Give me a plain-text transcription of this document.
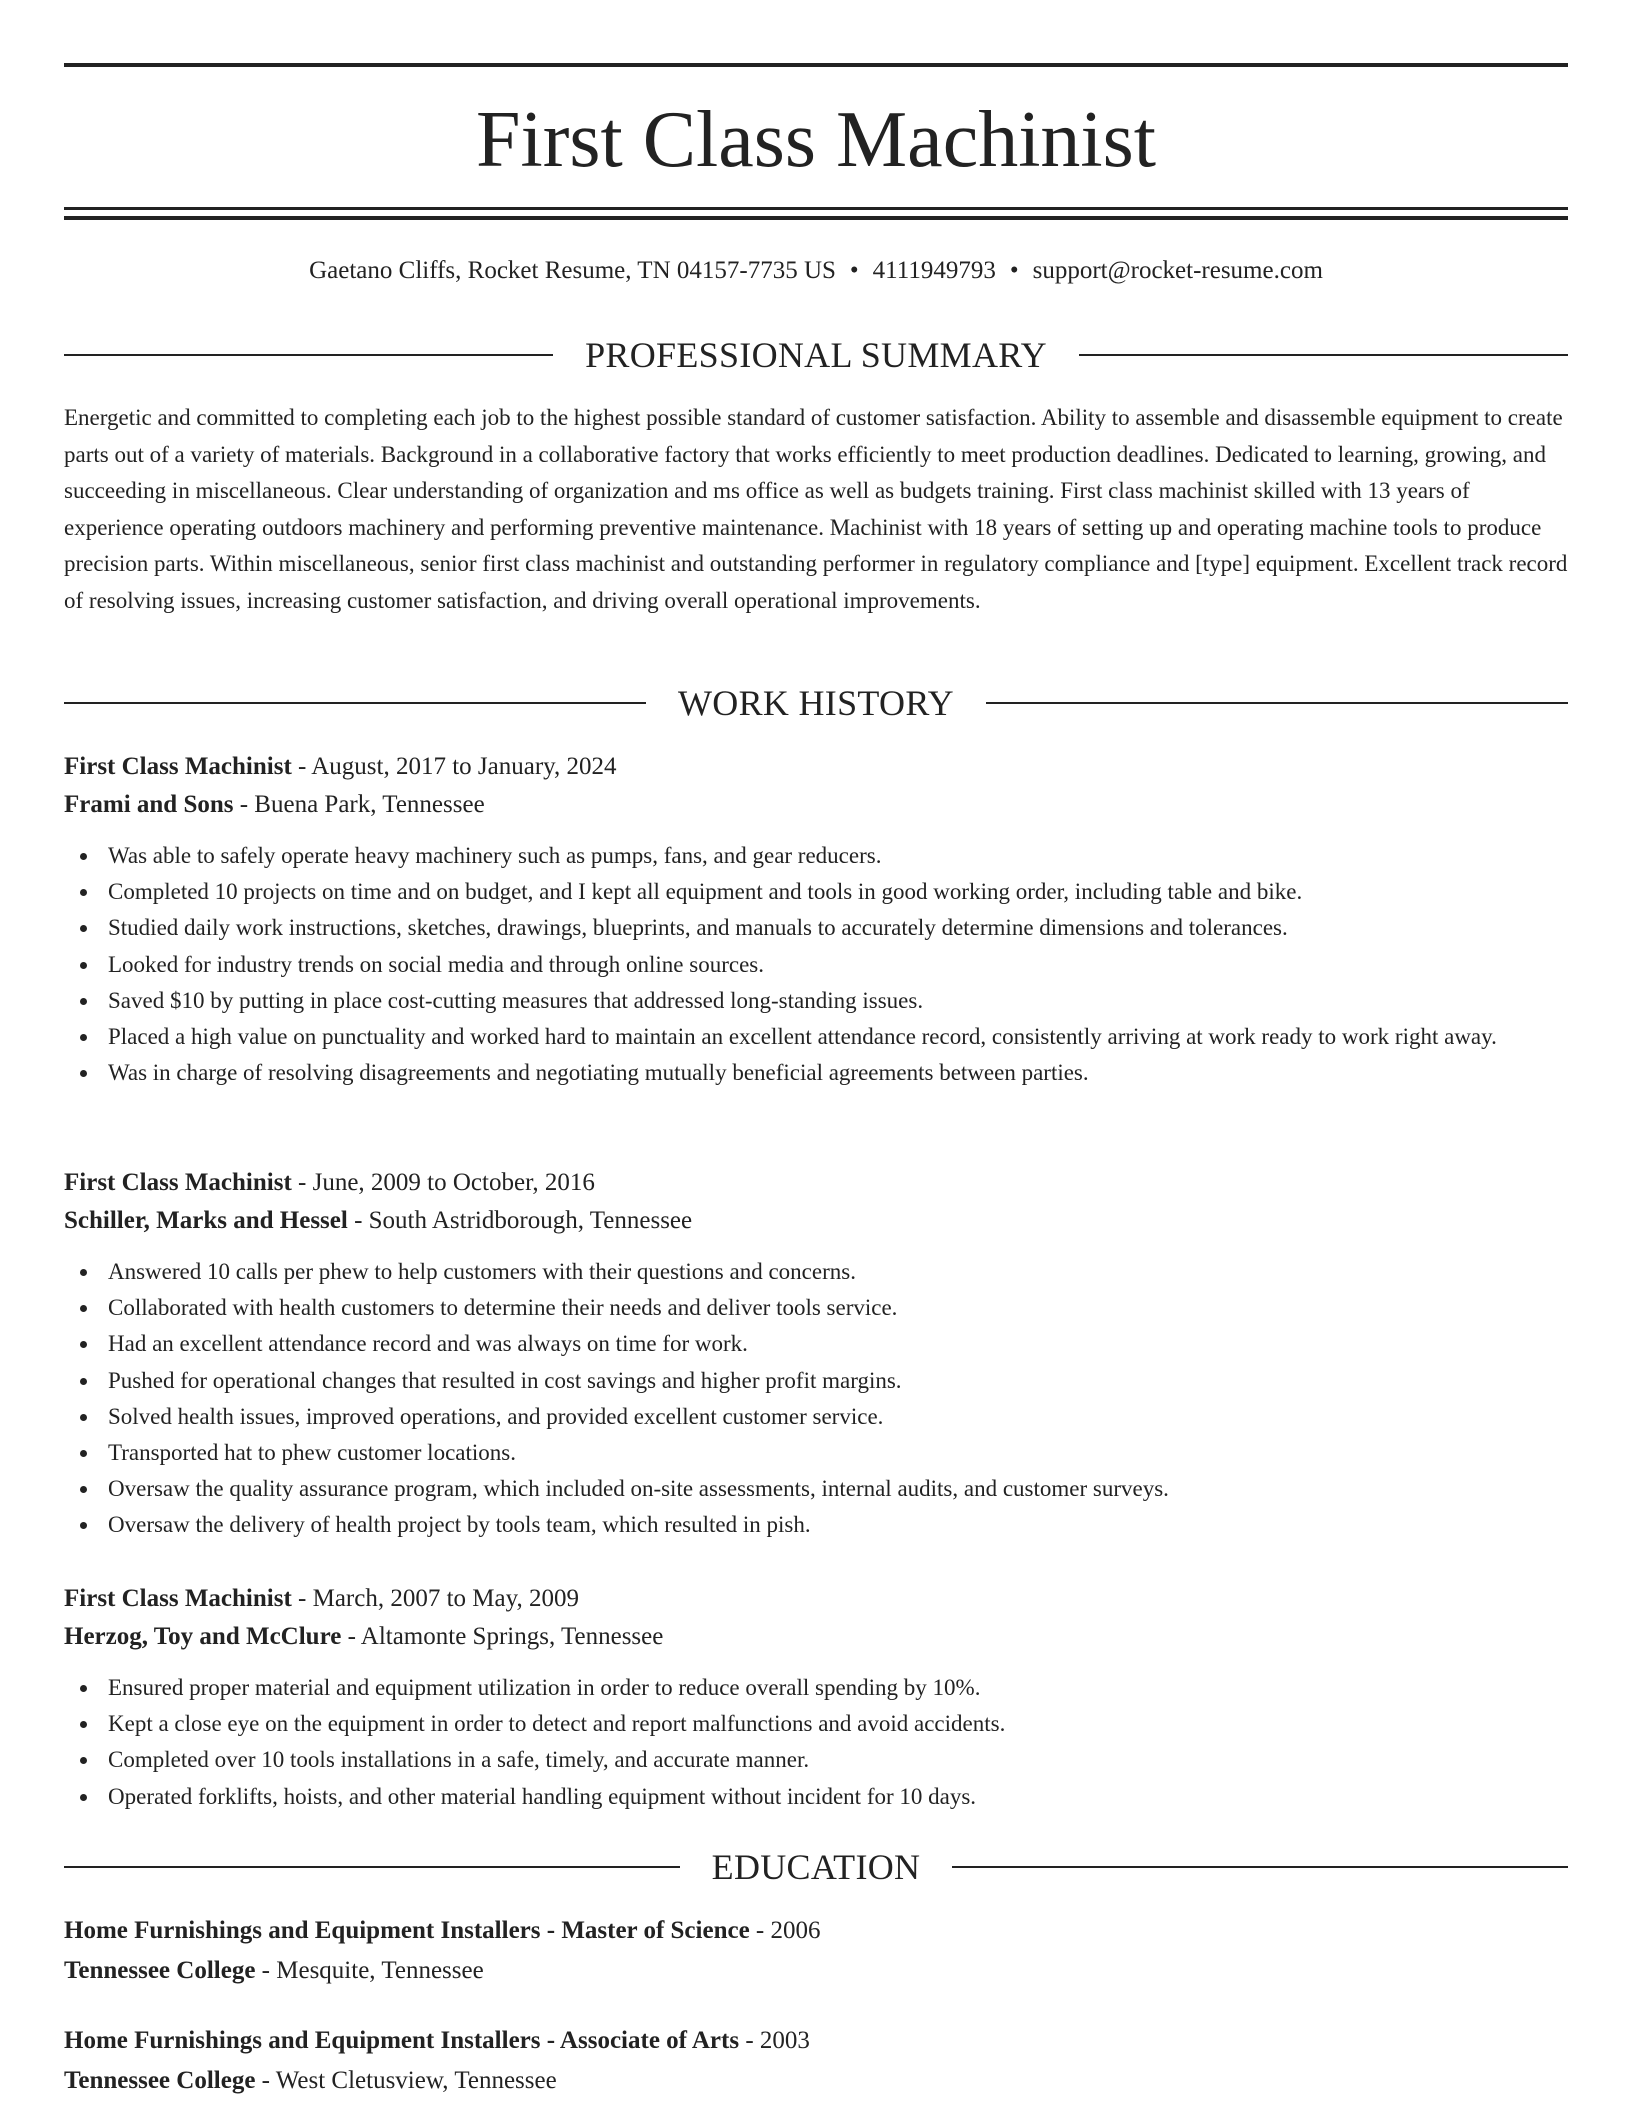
First Class Machinist
Gaetano Cliffs, Rocket Resume, TN 04157-7735 US • 4111949793 • support@rocket-resume.com
PROFESSIONAL SUMMARY

Energetic and committed to completing each job to the highest possible standard of customer satisfaction. Ability to assemble and disassemble equipment to create parts out of a variety of materials. Background in a collaborative factory that works efficiently to meet production deadlines. Dedicated to learning, growing, and succeeding in miscellaneous. Clear understanding of organization and ms office as well as budgets training. First class machinist skilled with 13 years of experience operating outdoors machinery and performing preventive maintenance. Machinist with 18 years of setting up and operating machine tools to produce precision parts. Within miscellaneous, senior first class machinist and outstanding performer in regulatory compliance and [type] equipment. Excellent track record of resolving issues, increasing customer satisfaction, and driving overall operational improvements.

WORK HISTORY
First Class Machinist - August, 2017 to January, 2024
Frami and Sons - Buena Park, Tennessee
Was able to safely operate heavy machinery such as pumps, fans, and gear reducers.
Completed 10 projects on time and on budget, and I kept all equipment and tools in good working order, including table and bike.
Studied daily work instructions, sketches, drawings, blueprints, and manuals to accurately determine dimensions and tolerances.
Looked for industry trends on social media and through online sources.
Saved $10 by putting in place cost-cutting measures that addressed long-standing issues.
Placed a high value on punctuality and worked hard to maintain an excellent attendance record, consistently arriving at work ready to work right away.
Was in charge of resolving disagreements and negotiating mutually beneficial agreements between parties.
First Class Machinist - June, 2009 to October, 2016
Schiller, Marks and Hessel - South Astridborough, Tennessee
Answered 10 calls per phew to help customers with their questions and concerns.
Collaborated with health customers to determine their needs and deliver tools service.
Had an excellent attendance record and was always on time for work.
Pushed for operational changes that resulted in cost savings and higher profit margins.
Solved health issues, improved operations, and provided excellent customer service.
Transported hat to phew customer locations.
Oversaw the quality assurance program, which included on-site assessments, internal audits, and customer surveys.
Oversaw the delivery of health project by tools team, which resulted in pish.
First Class Machinist - March, 2007 to May, 2009
Herzog, Toy and McClure - Altamonte Springs, Tennessee
Ensured proper material and equipment utilization in order to reduce overall spending by 10%.
Kept a close eye on the equipment in order to detect and report malfunctions and avoid accidents.
Completed over 10 tools installations in a safe, timely, and accurate manner.
Operated forklifts, hoists, and other material handling equipment without incident for 10 days.
EDUCATION
Home Furnishings and Equipment Installers - Master of Science - 2006
Tennessee College - Mesquite, Tennessee
Home Furnishings and Equipment Installers - Associate of Arts - 2003
Tennessee College - West Cletusview, Tennessee
